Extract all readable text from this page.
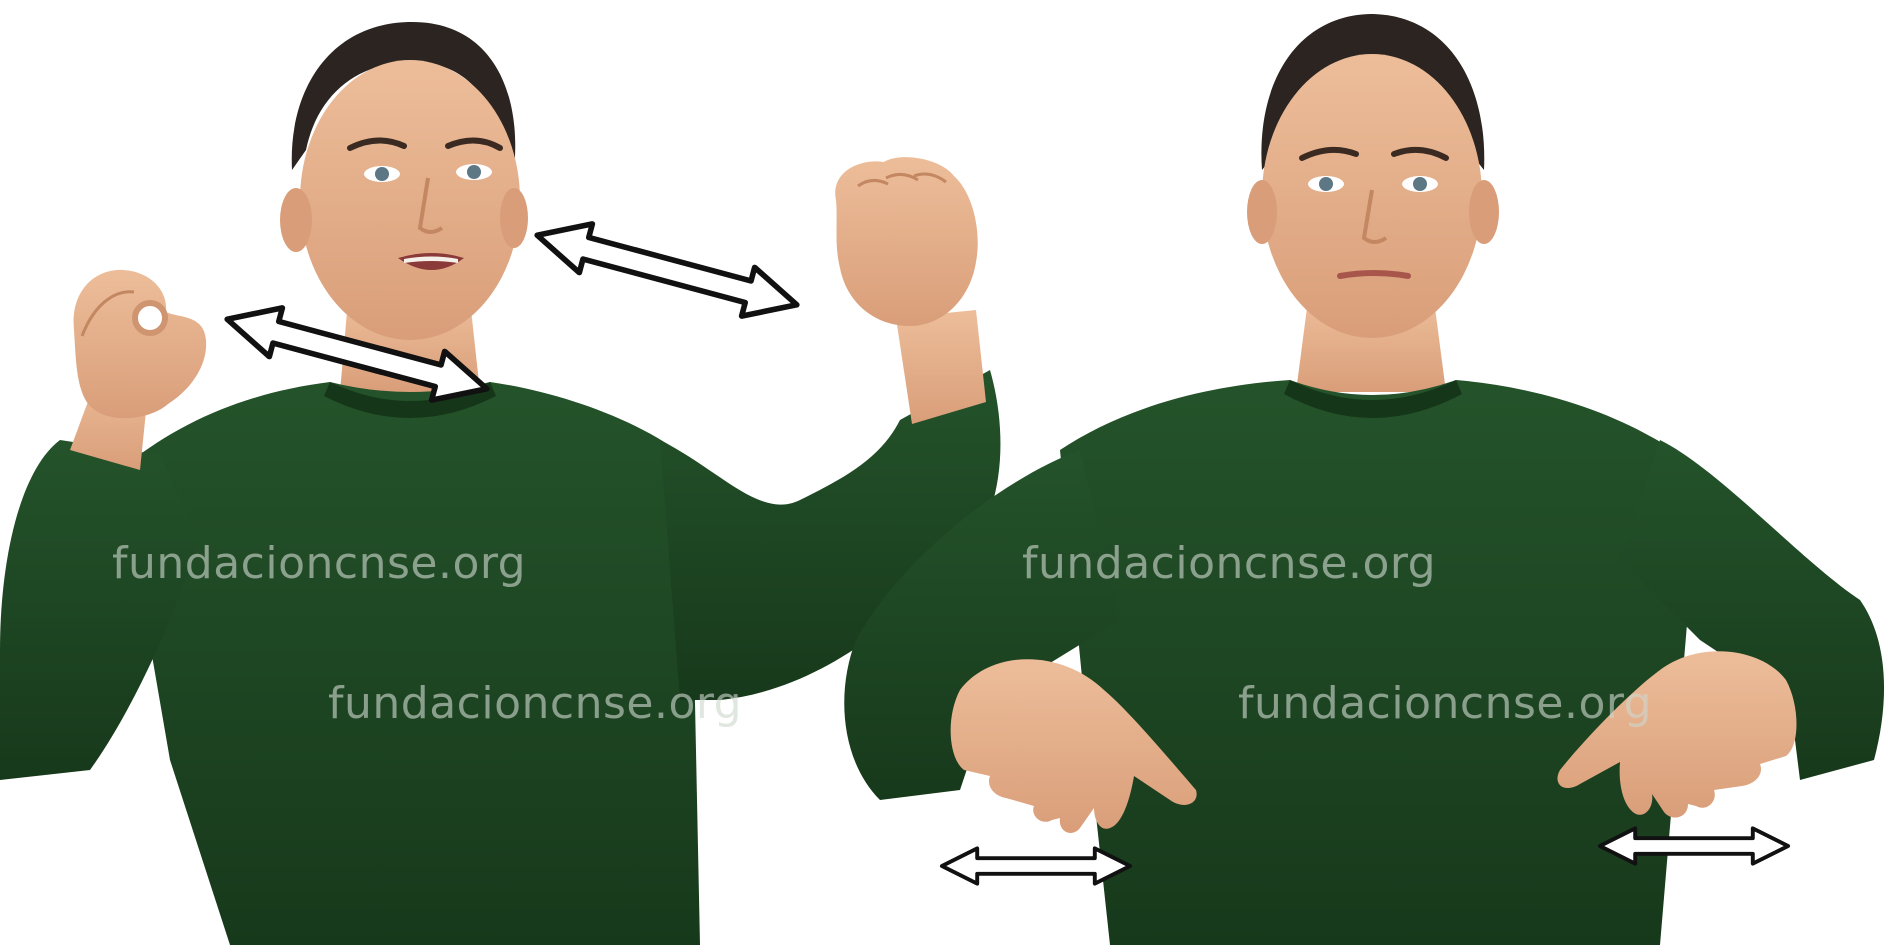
fundacioncnse.org
fundacioncnse.org
fundacioncnse.org
fundacioncnse.org
